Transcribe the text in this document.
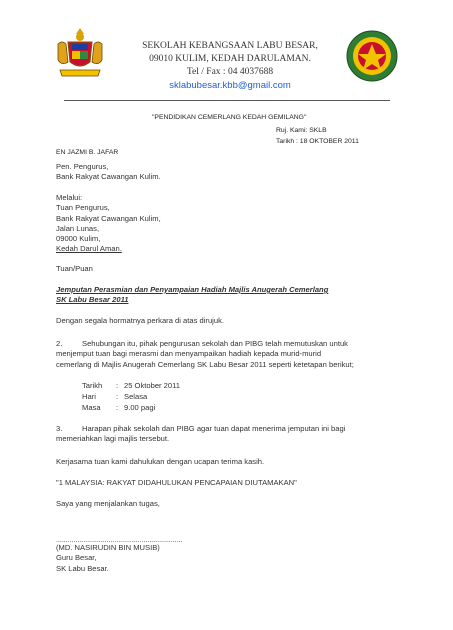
SEKOLAH KEBANGSAAN LABU BESAR,
09010 KULIM, KEDAH DARULAMAN.
Tel / Fax : 04 4037688
sklabubesar.kbb@gmail.com
"PENDIDIKAN CEMERLANG KEDAH GEMILANG"
Ruj. Kami: SKLB
Tarikh : 18 OKTOBER 2011
EN JAZMI B. JAFAR
Pen. Pengurus,
Bank Rakyat Cawangan Kulim.
Melalui:
Tuan Pengurus,
Bank Rakyat Cawangan Kulim,
Jalan Lunas,
09000 Kulim,
Kedah Darul Aman.
Tuan/Puan
Jemputan Perasmian dan Penyampaian Hadiah Majlis Anugerah Cemerlang
SK Labu Besar 2011
Dengan segala hormatnya perkara di atas dirujuk.
2.	Sehubungan itu, pihak pengurusan sekolah dan PIBG telah memutuskan untuk
menjemput tuan bagi merasmi dan menyampaikan hadiah kepada murid-murid
cemerlang di Majlis Anugerah Cemerlang SK Labu Besar 2011 seperti ketetapan berikut;
Tarikh : 25 Oktober 2011
Hari	: Selasa
Masa : 9.00 pagi
3.	Harapan pihak sekolah dan PIBG agar tuan dapat menerima jemputan ini bagi
memeriahkan lagi majlis tersebut.
Kerjasama tuan kami dahulukan dengan ucapan terima kasih.
"1 MALAYSIA: RAKYAT DIDAHULUKAN PENCAPAIAN DIUTAMAKAN"
Saya yang menjalankan tugas,
.................................................................
(MD. NASIRUDIN BIN MUSIB)
Guru Besar,
SK Labu Besar.
